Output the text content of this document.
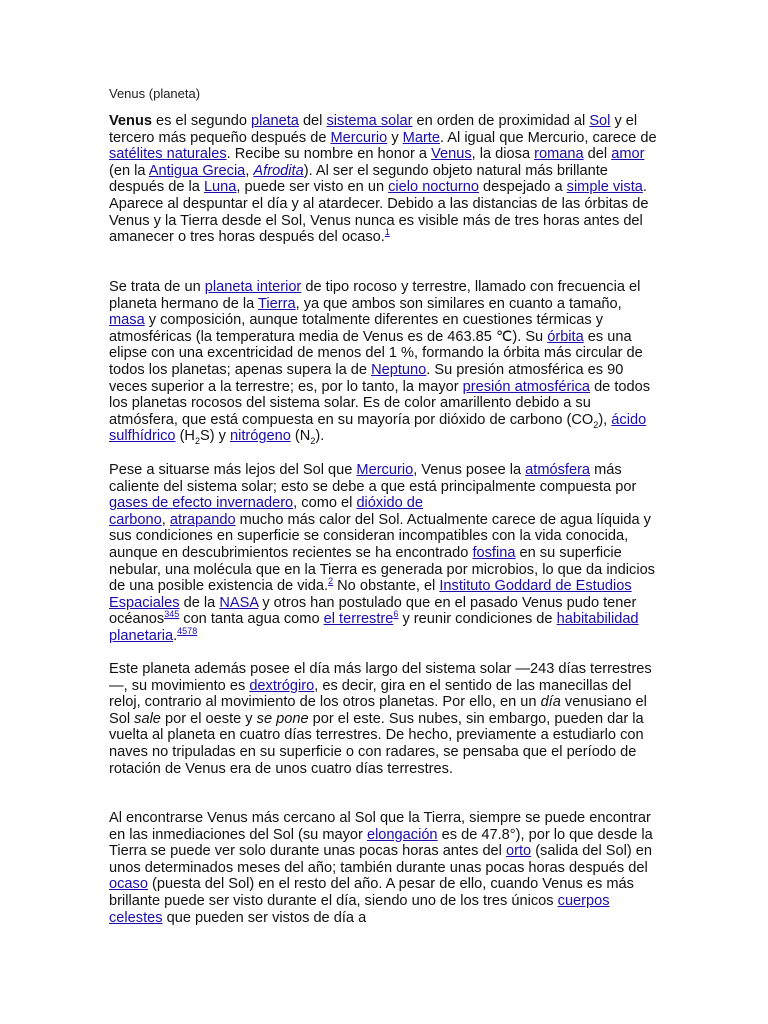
Venus (planeta)

Venus es el segundo planeta del sistema solar en orden de proximidad al Sol y el tercero más pequeño después de Mercurio y Marte. Al igual que Mercurio, carece de satélites naturales. Recibe su nombre en honor a Venus, la diosa romana del amor (en la Antigua Grecia, Afrodita). Al ser el segundo objeto natural más brillante después de la Luna, puede ser visto en un cielo nocturno despejado a simple vista. Aparece al despuntar el día y al atardecer. Debido a las distancias de las órbitas de Venus y la Tierra desde el Sol, Venus nunca es visible más de tres horas antes del amanecer o tres horas después del ocaso.$^1$

Se trata de un planeta interior de tipo rocoso y terrestre, llamado con frecuencia el planeta hermano de la Tierra, ya que ambos son similares en cuanto a tamaño, masa y composición, aunque totalmente diferentes en cuestiones térmicas y atmosféricas (la temperatura media de Venus es de 463.85 ℃). Su órbita es una elipse con una excentricidad de menos del 1 %, formando la órbita más circular de todos los planetas; apenas supera la de Neptuno. Su presión atmosférica es 90 veces superior a la terrestre; es, por lo tanto, la mayor presión atmosférica de todos los planetas rocosos del sistema solar. Es de color amarillento debido a su atmósfera, que está compuesta en su mayoría por dióxido de carbono $(CO_2)$, ácido sulfhídrico $(H_2S)$ y nitrógeno $(N_2)$.

Pese a situarse más lejos del Sol que Mercurio, Venus posee la atmósfera más caliente del sistema solar; esto se debe a que está principalmente compuesta por gases de efecto invernadero, como el dióxido de
carbono, atrapando mucho más calor del Sol. Actualmente carece de agua líquida y sus condiciones en superficie se consideran incompatibles con la vida conocida, aunque en descubrimientos recientes se ha encontrado fosfina en su superficie nebular, una molécula que en la Tierra es generada por microbios, lo que da indicios de una posible existencia de vida.$^2$ No obstante, el Instituto Goddard de Estudios Espaciales de la NASA y otros han postulado que en el pasado Venus pudo tener océanos$^{345}$ con tanta agua como el terrestre$^6$ y reunir condiciones de habitabilidad planetaria.$^{4578}$

Este planeta además posee el día más largo del sistema solar —243 días terrestres—, su movimiento es dextrógiro, es decir, gira en el sentido de las manecillas del reloj, contrario al movimiento de los otros planetas. Por ello, en un día venusiano el Sol sale por el oeste y se pone por el este. Sus nubes, sin embargo, pueden dar la vuelta al planeta en cuatro días terrestres. De hecho, previamente a estudiarlo con naves no tripuladas en su superficie o con radares, se pensaba que el período de rotación de Venus era de unos cuatro días terrestres.

Al encontrarse Venus más cercano al Sol que la Tierra, siempre se puede encontrar en las inmediaciones del Sol (su mayor elongación es de 47.8°), por lo que desde la Tierra se puede ver solo durante unas pocas horas antes del orto (salida del Sol) en unos determinados meses del año; también durante unas pocas horas después del ocaso (puesta del Sol) en el resto del año. A pesar de ello, cuando Venus es más brillante puede ser visto durante el día, siendo uno de los tres únicos cuerpos celestes que pueden ser vistos de día a
